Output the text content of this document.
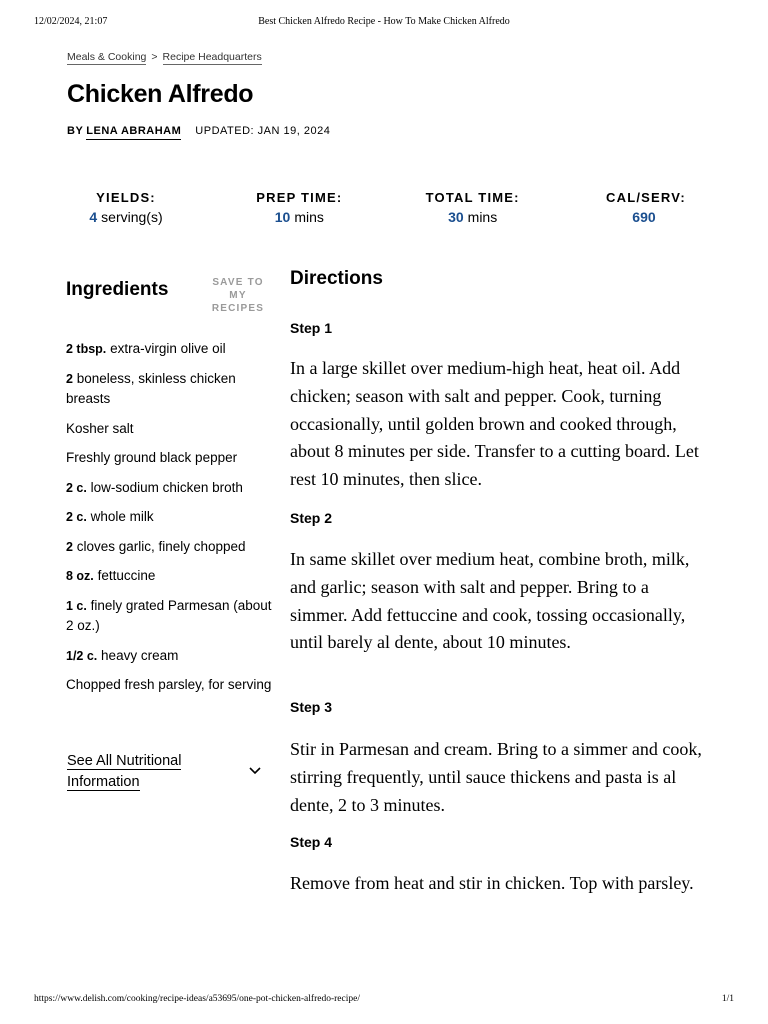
12/02/2024, 21:07	Best Chicken Alfredo Recipe - How To Make Chicken Alfredo
Meals & Cooking > Recipe Headquarters
Chicken Alfredo
BY LENA ABRAHAM UPDATED: JAN 19, 2024
YIELDS:
4 serving(s)
PREP TIME:
10 mins
TOTAL TIME:
30 mins
CAL/SERV:
690
Ingredients	SAVE TO MY RECIPES
2 tbsp. extra-virgin olive oil
2 boneless, skinless chicken breasts
Kosher salt
Freshly ground black pepper
2 c. low-sodium chicken broth
2 c. whole milk
2 cloves garlic, finely chopped
8 oz. fettuccine
1 c. finely grated Parmesan (about 2 oz.)
1/2 c. heavy cream
Chopped fresh parsley, for serving
See All Nutritional Information
Directions
Step 1

In a large skillet over medium-high heat, heat oil. Add chicken; season with salt and pepper. Cook, turning occasionally, until golden brown and cooked through, about 8 minutes per side. Transfer to a cutting board. Let rest 10 minutes, then slice.

Step 2

In same skillet over medium heat, combine broth, milk, and garlic; season with salt and pepper. Bring to a simmer. Add fettuccine and cook, tossing occasionally, until barely al dente, about 10 minutes.

Step 3

Stir in Parmesan and cream. Bring to a simmer and cook, stirring frequently, until sauce thickens and pasta is al dente, 2 to 3 minutes.

Step 4

Remove from heat and stir in chicken. Top with parsley.

https://www.delish.com/cooking/recipe-ideas/a53695/one-pot-chicken-alfredo-recipe/	1/1
